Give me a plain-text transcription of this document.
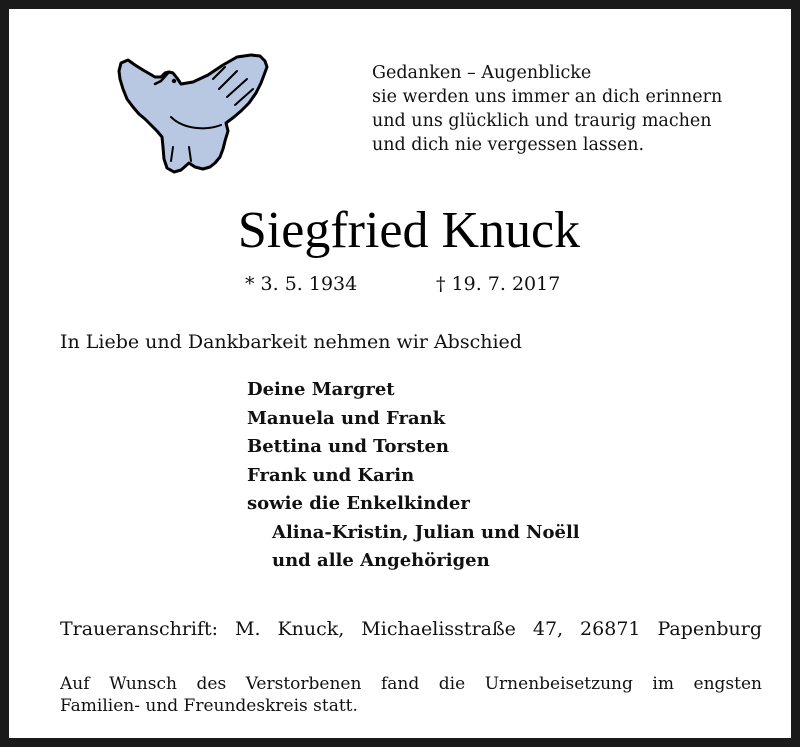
Gedanken – Augenblicke
sie werden uns immer an dich erinnern
und uns glücklich und traurig machen
und dich nie vergessen lassen.
Siegfried Knuck
* 3. 5. 1934	† 19. 7. 2017
In Liebe und Dankbarkeit nehmen wir Abschied
Deine Margret
Manuela und Frank
Bettina und Torsten
Frank und Karin
sowie die Enkelkinder
Alina-Kristin, Julian und Noëll
und alle Angehörigen
Traueranschrift: M. Knuck, Michaelisstraße 47, 26871 Papenburg
Auf Wunsch des Verstorbenen fand die Urnenbeisetzung im engsten
Familien- und Freundeskreis statt.
